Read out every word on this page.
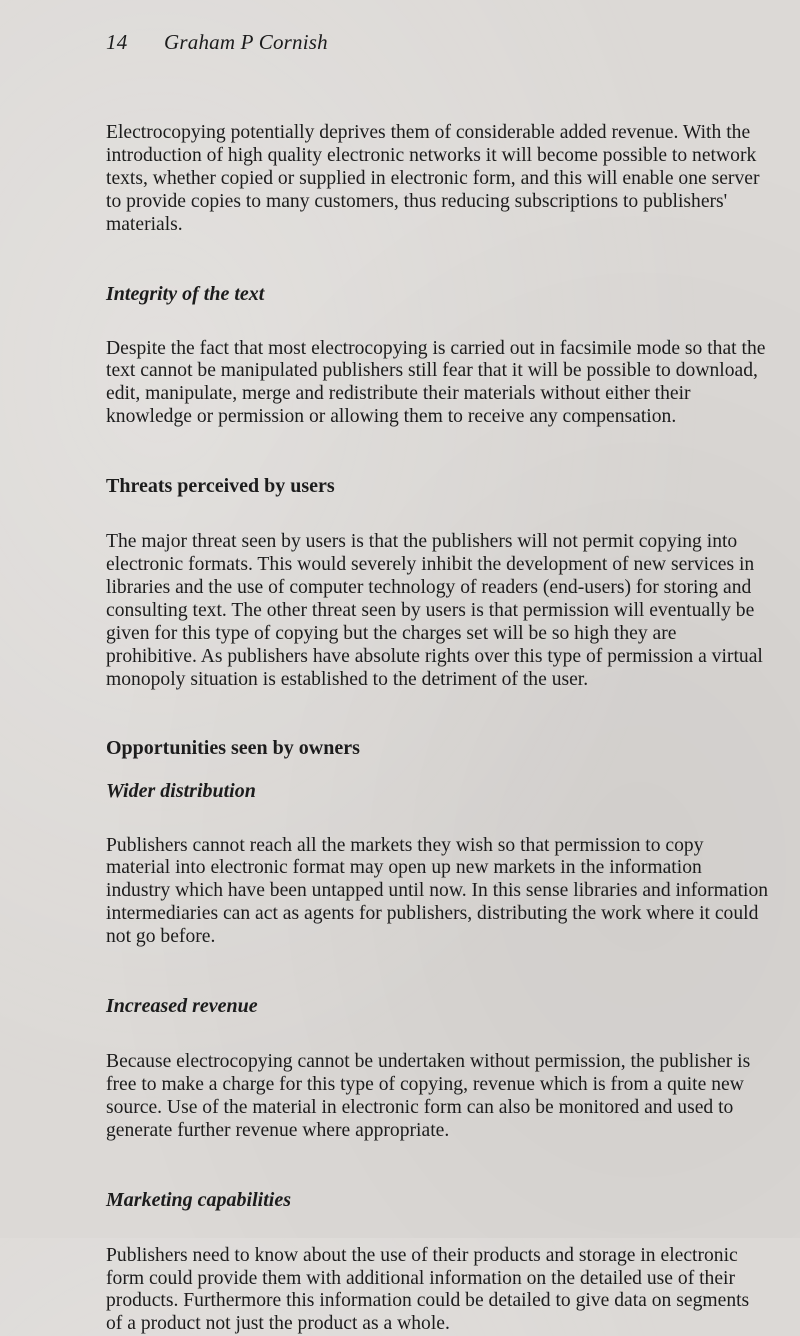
14 Graham P Cornish

Electrocopying potentially deprives them of considerable added revenue. With the introduction of high quality electronic networks it will become possible to network texts, whether copied or supplied in electronic form, and this will enable one server to provide copies to many customers, thus reducing subscriptions to publishers' materials.

Integrity of the text

Despite the fact that most electrocopying is carried out in facsimile mode so that the text cannot be manipulated publishers still fear that it will be possible to download, edit, manipulate, merge and redistribute their materials without either their knowledge or permission or allowing them to receive any compensation.

Threats perceived by users

The major threat seen by users is that the publishers will not permit copying into electronic formats. This would severely inhibit the development of new services in libraries and the use of computer technology of readers (end-users) for storing and consulting text. The other threat seen by users is that permission will eventually be given for this type of copying but the charges set will be so high they are prohibitive. As publishers have absolute rights over this type of permission a virtual monopoly situation is established to the detriment of the user.

Opportunities seen by owners
Wider distribution

Publishers cannot reach all the markets they wish so that permission to copy material into electronic format may open up new markets in the information industry which have been untapped until now. In this sense libraries and information intermediaries can act as agents for publishers, distributing the work where it could not go before.

Increased revenue

Because electrocopying cannot be undertaken without permission, the publisher is free to make a charge for this type of copying, revenue which is from a quite new source. Use of the material in electronic form can also be monitored and used to generate further revenue where appropriate.

Marketing capabilities

Publishers need to know about the use of their products and storage in electronic form could provide them with additional information on the detailed use of their products. Furthermore this information could be detailed to give data on segments of a product not just the product as a whole.
